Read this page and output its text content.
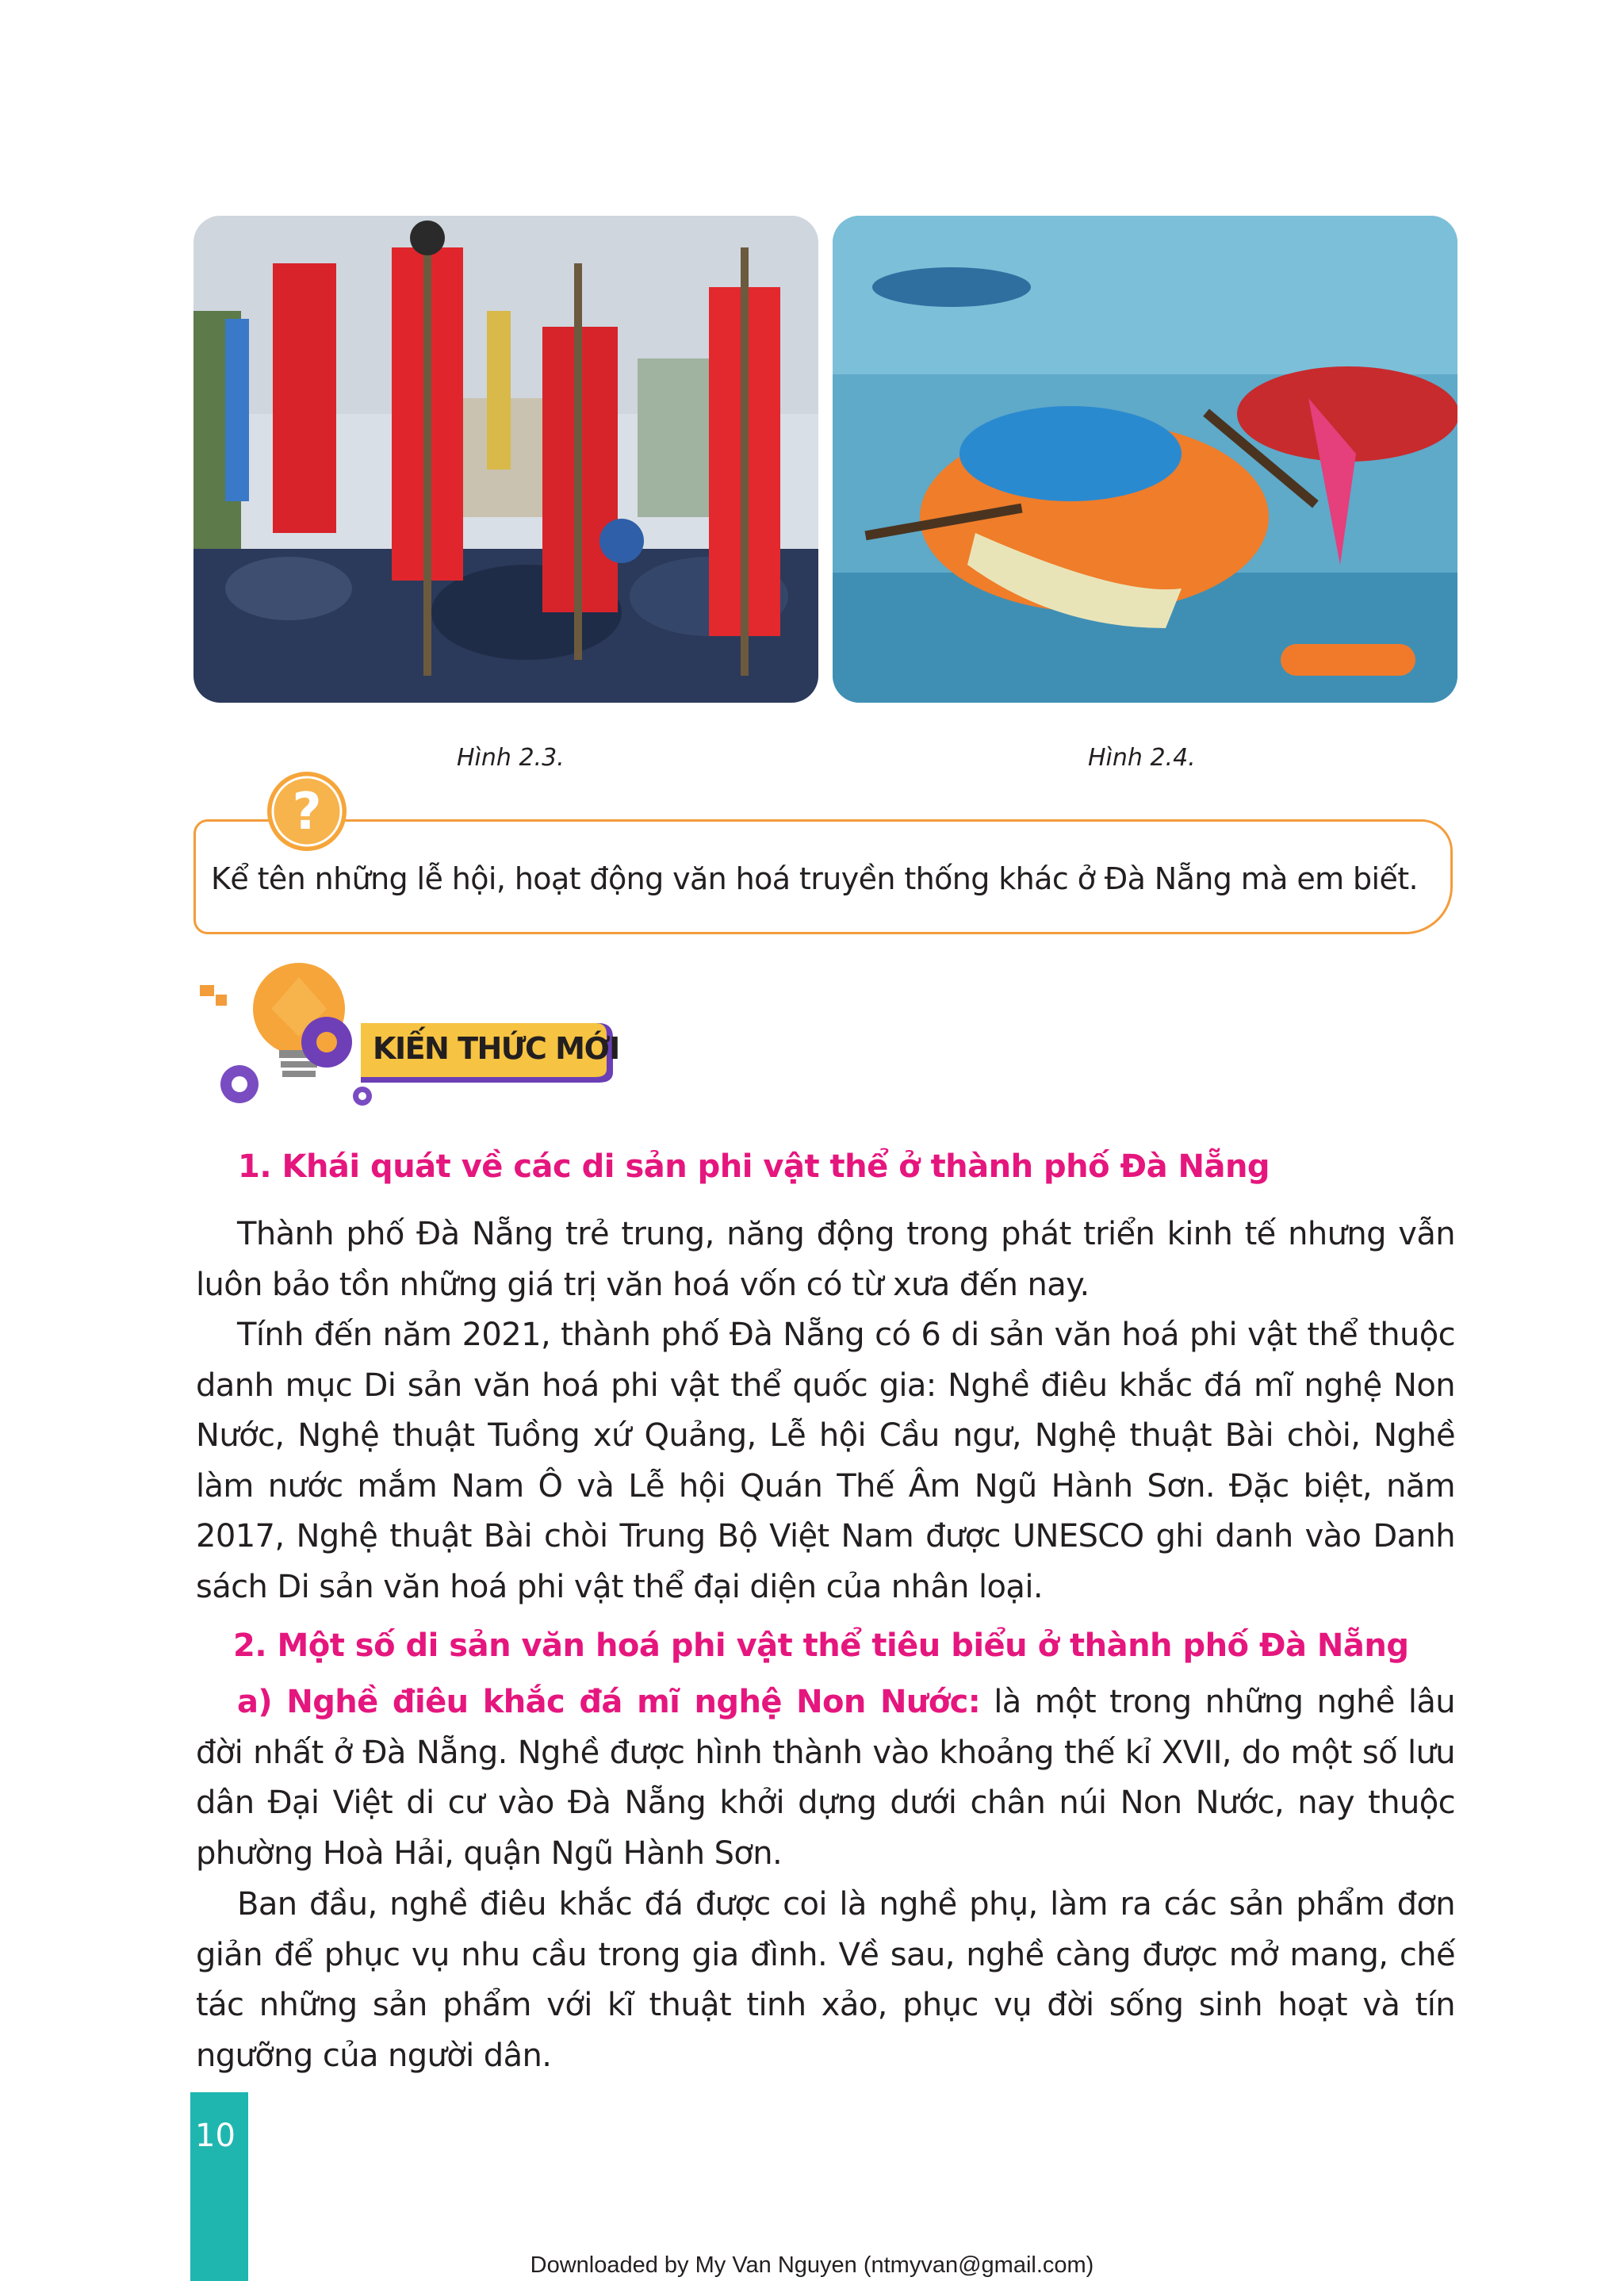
Hình 2.3.	Hình 2.4.
?
Kể tên những lễ hội, hoạt động văn hoá truyền thống khác ở Đà Nẵng mà em biết.
KIẾN THỨC MỚI
1. Khái quát về các di sản phi vật thể ở thành phố Đà Nẵng
2. Một số di sản văn hoá phi vật thể tiêu biểu ở thành phố Đà Nẵng

Thành phố Đà Nẵng trẻ trung, năng động trong phát triển kinh tế nhưng vẫn luôn bảo tồn những giá trị văn hoá vốn có từ xưa đến nay.

Tính đến năm 2021, thành phố Đà Nẵng có 6 di sản văn hoá phi vật thể thuộc danh mục Di sản văn hoá phi vật thể quốc gia: Nghề điêu khắc đá mĩ nghệ Non Nước, Nghệ thuật Tuồng xứ Quảng, Lễ hội Cầu ngư, Nghệ thuật Bài chòi, Nghề làm nước mắm Nam Ô và Lễ hội Quán Thế Âm Ngũ Hành Sơn. Đặc biệt, năm 2017, Nghệ thuật Bài chòi Trung Bộ Việt Nam được UNESCO ghi danh vào Danh sách Di sản văn hoá phi vật thể đại diện của nhân loại.

a) Nghề điêu khắc đá mĩ nghệ Non Nước: là một trong những nghề lâu đời nhất ở Đà Nẵng. Nghề được hình thành vào khoảng thế kỉ XVII, do một số lưu dân Đại Việt di cư vào Đà Nẵng khởi dựng dưới chân núi Non Nước, nay thuộc phường Hoà Hải, quận Ngũ Hành Sơn.

Ban đầu, nghề điêu khắc đá được coi là nghề phụ, làm ra các sản phẩm đơn giản để phục vụ nhu cầu trong gia đình. Về sau, nghề càng được mở mang, chế tác những sản phẩm với kĩ thuật tinh xảo, phục vụ đời sống sinh hoạt và tín ngưỡng của người dân.

10
Downloaded by My Van Nguyen (ntmyvan@gmail.com)
